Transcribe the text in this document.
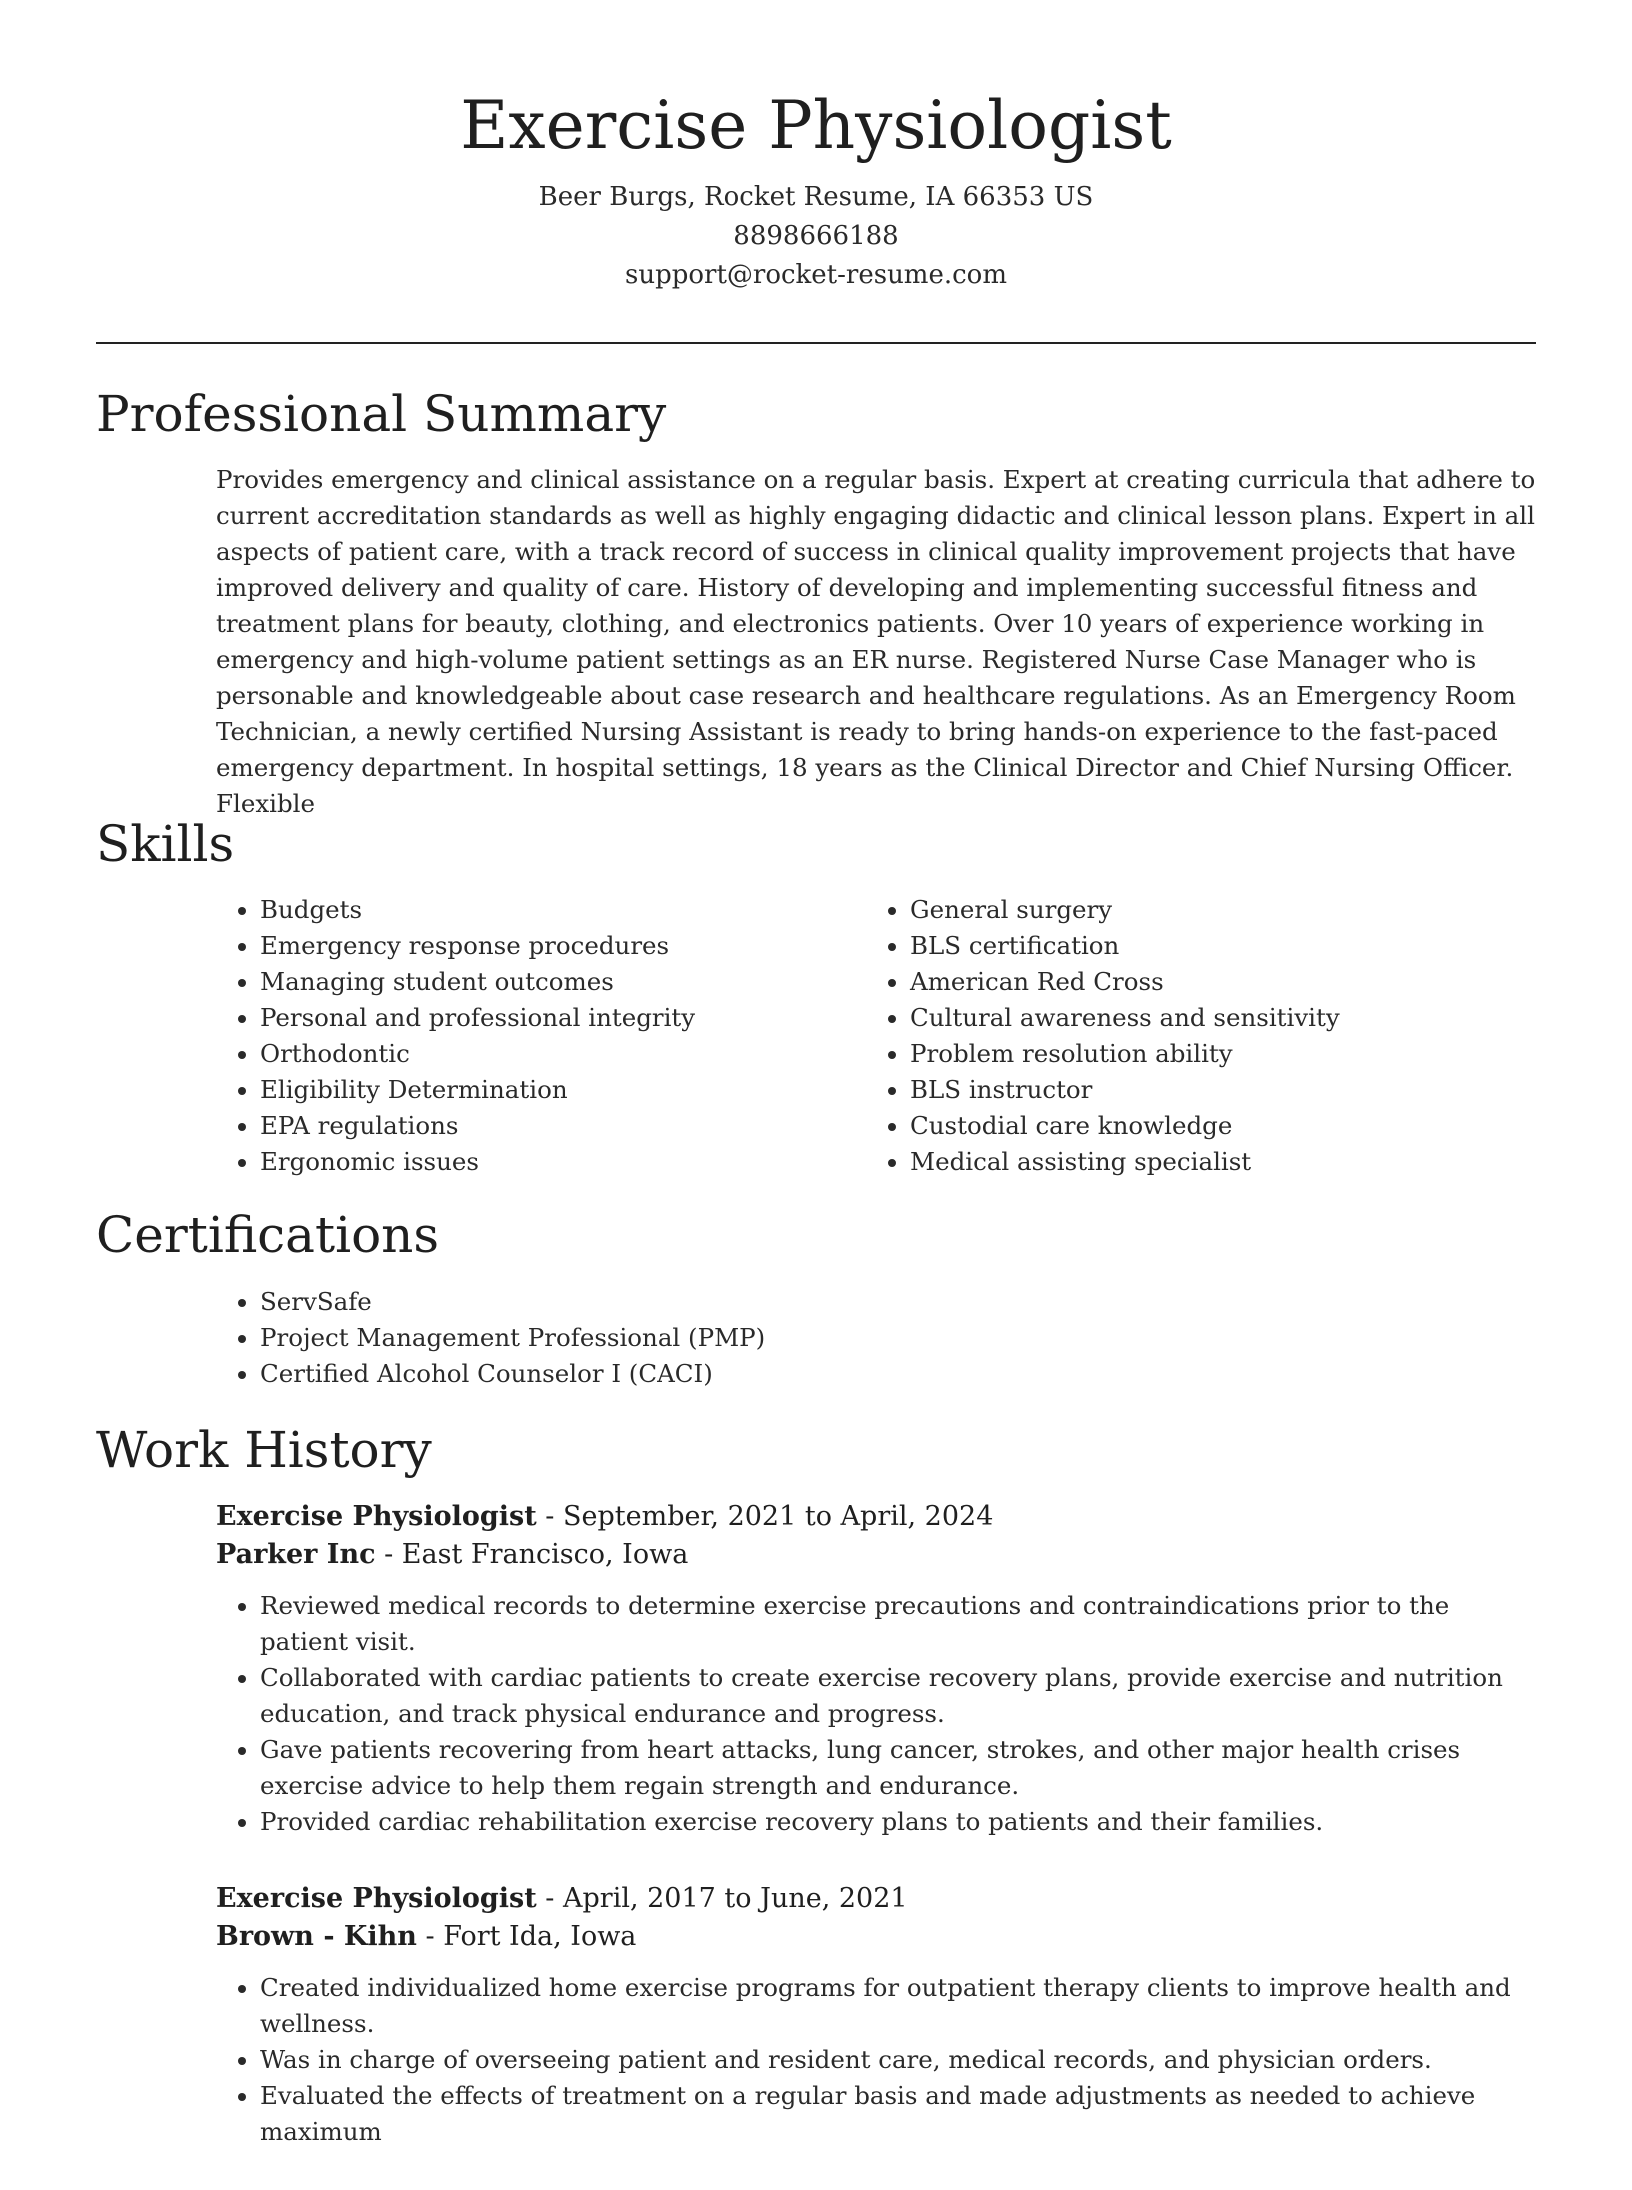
Exercise Physiologist
Beer Burgs, Rocket Resume, IA 66353 US
8898666188
support@rocket-resume.com
Professional Summary

Provides emergency and clinical assistance on a regular basis. Expert at creating curricula that adhere to current accreditation standards as well as highly engaging didactic and clinical lesson plans. Expert in all aspects of patient care, with a track record of success in clinical quality improvement projects that have improved delivery and quality of care. History of developing and implementing successful fitness and treatment plans for beauty, clothing, and electronics patients. Over 10 years of experience working in emergency and high-volume patient settings as an ER nurse. Registered Nurse Case Manager who is personable and knowledgeable about case research and healthcare regulations. As an Emergency Room Technician, a newly certified Nursing Assistant is ready to bring hands-on experience to the fast-paced emergency department. In hospital settings, 18 years as the Clinical Director and Chief Nursing Officer. Flexible

Skills
• Budgets
• Emergency response procedures
• Managing student outcomes
• Personal and professional integrity
• Orthodontic
• Eligibility Determination
• EPA regulations
• Ergonomic issues
• General surgery
• BLS certification
• American Red Cross
• Cultural awareness and sensitivity
• Problem resolution ability
• BLS instructor
• Custodial care knowledge
• Medical assisting specialist
Certifications
• ServSafe
• Project Management Professional (PMP)
• Certified Alcohol Counselor I (CACI)
Work History
Exercise Physiologist - September, 2021 to April, 2024
Parker Inc - East Francisco, Iowa
• Reviewed medical records to determine exercise precautions and contraindications prior to the patient visit.
• Collaborated with cardiac patients to create exercise recovery plans, provide exercise and nutrition education, and track physical endurance and progress.
• Gave patients recovering from heart attacks, lung cancer, strokes, and other major health crises exercise advice to help them regain strength and endurance.
• Provided cardiac rehabilitation exercise recovery plans to patients and their families.
Exercise Physiologist - April, 2017 to June, 2021
Brown - Kihn - Fort Ida, Iowa
• Created individualized home exercise programs for outpatient therapy clients to improve health and wellness.
• Was in charge of overseeing patient and resident care, medical records, and physician orders.
• Evaluated the effects of treatment on a regular basis and made adjustments as needed to achieve maximum
